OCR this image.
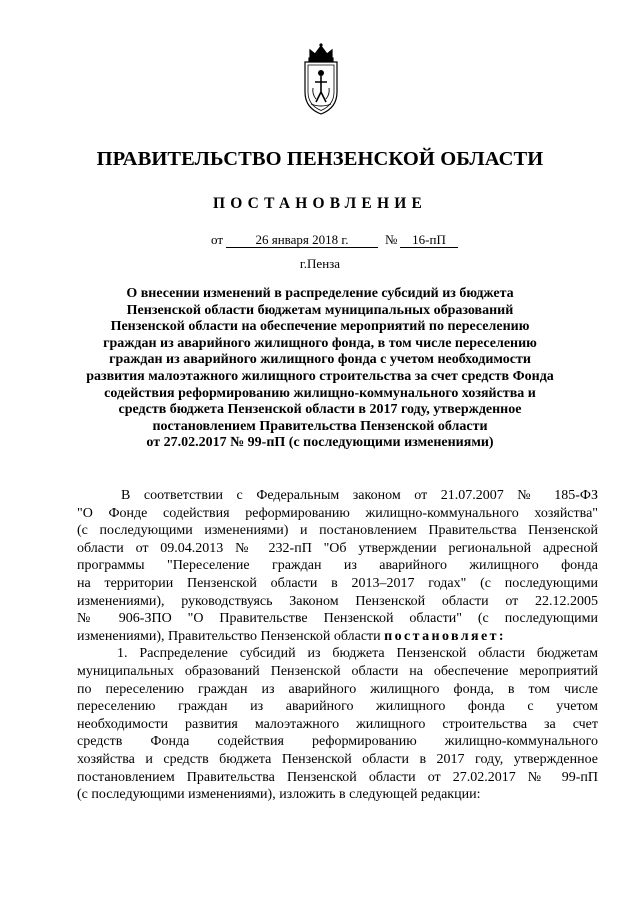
ПРАВИТЕЛЬСТВО ПЕНЗЕНСКОЙ ОБЛАСТИ
ПОСТАНОВЛЕНИЕ
от	26 января 2018 г.	№	16-пП
г.Пенза
О внесении изменений в распределение субсидий из бюджета
Пензенской области бюджетам муниципальных образований
Пензенской области на обеспечение мероприятий по переселению
граждан из аварийного жилищного фонда, в том числе переселению
граждан из аварийного жилищного фонда с учетом необходимости
развития малоэтажного жилищного строительства за счет средств Фонда
содействия реформированию жилищно-коммунального хозяйства и
средств бюджета Пензенской области в 2017 году, утвержденное
постановлением Правительства Пензенской области
от 27.02.2017 № 99-пП (с последующими изменениями)
В соответствии с Федеральным законом от 21.07.2007 № 185-ФЗ
"О Фонде содействия реформированию жилищно-коммунального хозяйства"
(с последующими изменениями) и постановлением Правительства Пензенской
области от 09.04.2013 № 232-пП "Об утверждении региональной адресной
программы "Переселение граждан из аварийного жилищного фонда
на территории Пензенской области в 2013–2017 годах" (с последующими
изменениями), руководствуясь Законом Пензенской области от 22.12.2005
№ 906-ЗПО "О Правительстве Пензенской области" (с последующими
изменениями), Правительство Пензенской области постановляет:
1. Распределение субсидий из бюджета Пензенской области бюджетам
муниципальных образований Пензенской области на обеспечение мероприятий
по переселению граждан из аварийного жилищного фонда, в том числе
переселению граждан из аварийного жилищного фонда с учетом
необходимости развития малоэтажного жилищного строительства за счет
средств Фонда содействия реформированию жилищно-коммунального
хозяйства и средств бюджета Пензенской области в 2017 году, утвержденное
постановлением Правительства Пензенской области от 27.02.2017 № 99-пП
(с последующими изменениями), изложить в следующей редакции:
